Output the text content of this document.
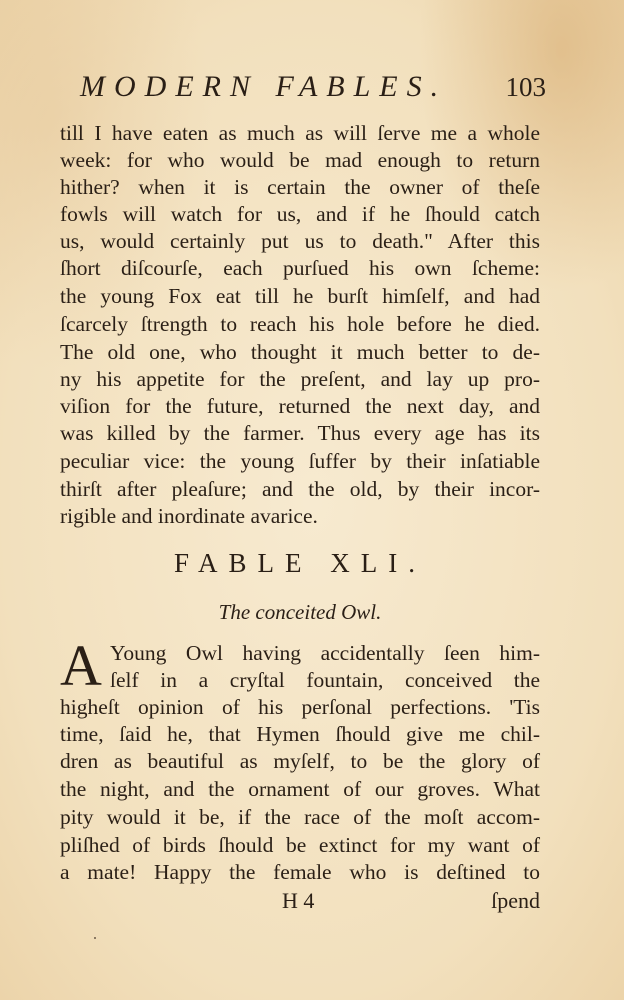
MODERN FABLES. 103
till I have eaten as much as will ſerve me a whole
week: for who would be mad enough to return
hither? when it is certain the owner of theſe
fowls will watch for us, and if he ſhould catch
us, would certainly put us to death." After this
ſhort diſcourſe, each purſued his own ſcheme:
the young Fox eat till he burſt himſelf, and had
ſcarcely ſtrength to reach his hole before he died.
The old one, who thought it much better to de-
ny his appetite for the preſent, and lay up pro-
viſion for the future, returned the next day, and
was killed by the farmer. Thus every age has its
peculiar vice: the young ſuffer by their inſatiable
thirſt after pleaſure; and the old, by their incor-
rigible and inordinate avarice.
FABLE XLI.
The conceited Owl.
A Young Owl having accidentally ſeen him-
ſelf in a cryſtal fountain, conceived the
higheſt opinion of his perſonal perfections. 'Tis
time, ſaid he, that Hymen ſhould give me chil-
dren as beautiful as myſelf, to be the glory of
the night, and the ornament of our groves. What
pity would it be, if the race of the moſt accom-
pliſhed of birds ſhould be extinct for my want of
a mate! Happy the female who is deſtined to
H 4	ſpend
